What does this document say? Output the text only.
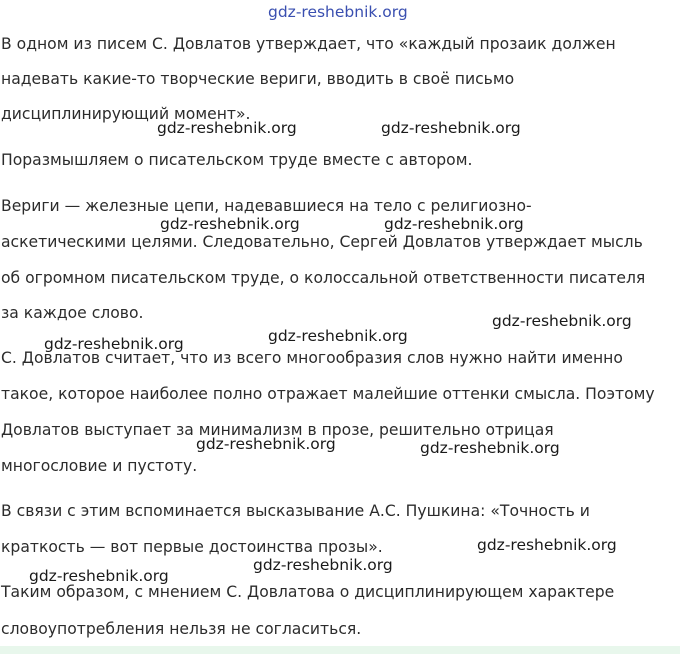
gdz-reshebnik.org
В одном из писем С. Довлатов утверждает, что «каждый прозаик должен
надевать какие-то творческие вериги, вводить в своё письмо
дисциплинирующий момент».
Поразмышляем о писательском труде вместе с автором.
Вериги — железные цепи, надевавшиеся на тело с религиозно-
аскетическими целями. Следовательно, Сергей Довлатов утверждает мысль
об огромном писательском труде, о колоссальной ответственности писателя
за каждое слово.
С. Довлатов считает, что из всего многообразия слов нужно найти именно
такое, которое наиболее полно отражает малейшие оттенки смысла. Поэтому
Довлатов выступает за минимализм в прозе, решительно отрицая
многословие и пустоту.
В связи с этим вспоминается высказывание А.С. Пушкина: «Точность и
краткость — вот первые достоинства прозы».
Таким образом, с мнением С. Довлатова о дисциплинирующем характере
словоупотребления нельзя не согласиться.
gdz-reshebnik.org	gdz-reshebnik.org
gdz-reshebnik.org	gdz-reshebnik.org
gdz-reshebnik.org
gdz-reshebnik.org
gdz-reshebnik.org
gdz-reshebnik.org	gdz-reshebnik.org
gdz-reshebnik.org
gdz-reshebnik.org
gdz-reshebnik.org
